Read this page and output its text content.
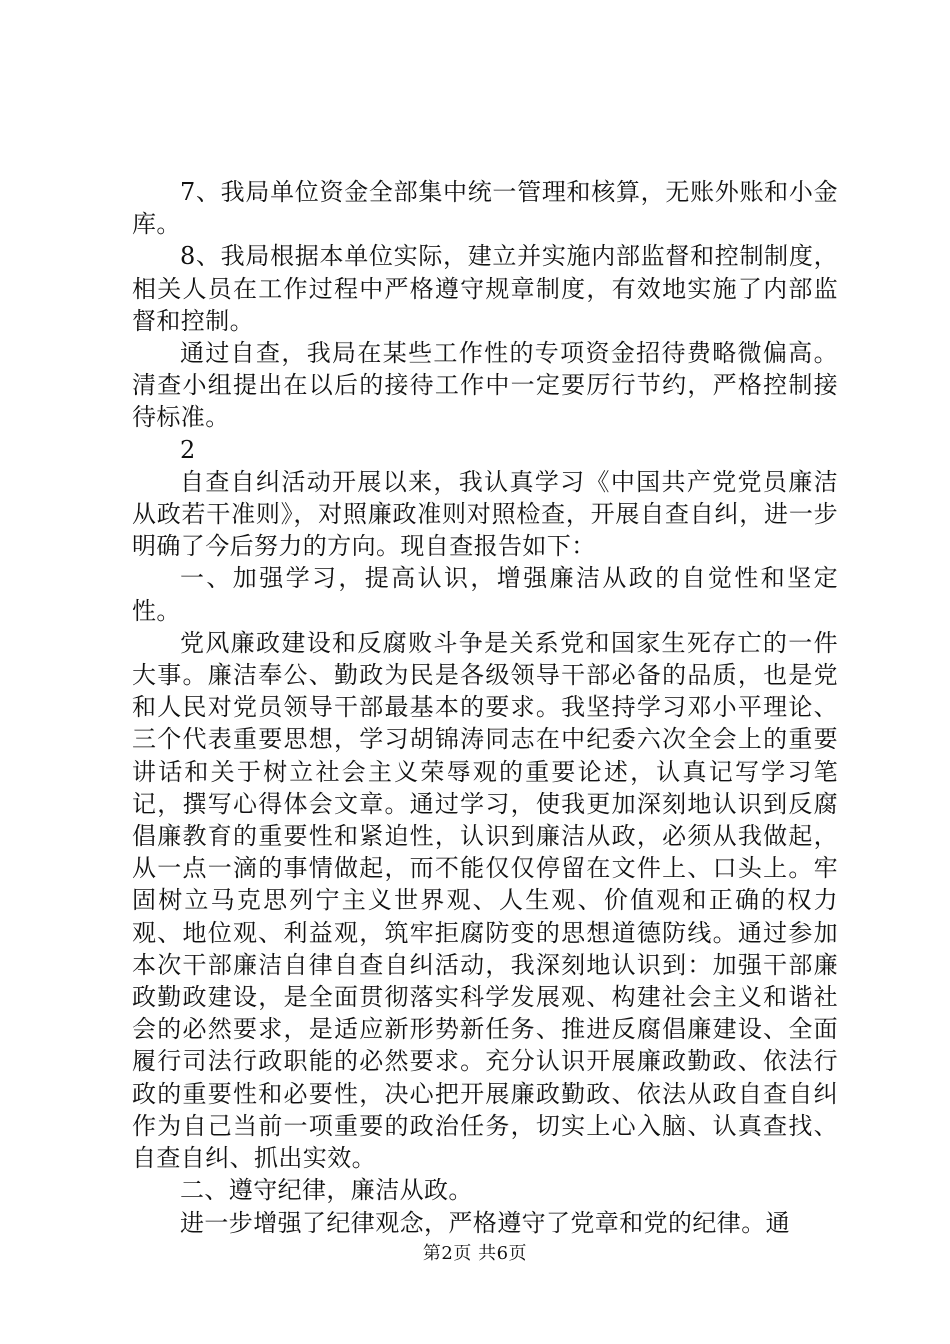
7、我局单位资金全部集中统一管理和核算，无账外账和小金库。

8、我局根据本单位实际，建立并实施内部监督和控制制度，相关人员在工作过程中严格遵守规章制度，有效地实施了内部监督和控制。

通过自查，我局在某些工作性的专项资金招待费略微偏高。清查小组提出在以后的接待工作中一定要厉行节约，严格控制接待标准。

2

自查自纠活动开展以来，我认真学习《中国共产党党员廉洁从政若干准则》，对照廉政准则对照检查，开展自查自纠，进一步明确了今后努力的方向。现自查报告如下：

一、加强学习，提高认识，增强廉洁从政的自觉性和坚定性。

党风廉政建设和反腐败斗争是关系党和国家生死存亡的一件大事。廉洁奉公、勤政为民是各级领导干部必备的品质，也是党和人民对党员领导干部最基本的要求。我坚持学习邓小平理论、三个代表重要思想，学习胡锦涛同志在中纪委六次全会上的重要讲话和关于树立社会主义荣辱观的重要论述，认真记写学习笔记，撰写心得体会文章。通过学习，使我更加深刻地认识到反腐倡廉教育的重要性和紧迫性，认识到廉洁从政，必须从我做起，从一点一滴的事情做起，而不能仅仅停留在文件上、口头上。牢固树立马克思列宁主义世界观、人生观、价值观和正确的权力观、地位观、利益观，筑牢拒腐防变的思想道德防线。通过参加本次干部廉洁自律自查自纠活动，我深刻地认识到：加强干部廉政勤政建设，是全面贯彻落实科学发展观、构建社会主义和谐社会的必然要求，是适应新形势新任务、推进反腐倡廉建设、全面履行司法行政职能的必然要求。充分认识开展廉政勤政、依法行政的重要性和必要性，决心把开展廉政勤政、依法从政自查自纠作为自己当前一项重要的政治任务，切实上心入脑、认真查找、自查自纠、抓出实效。

二、遵守纪律，廉洁从政。

进一步增强了纪律观念，严格遵守了党章和党的纪律。通

第2页 共6页
